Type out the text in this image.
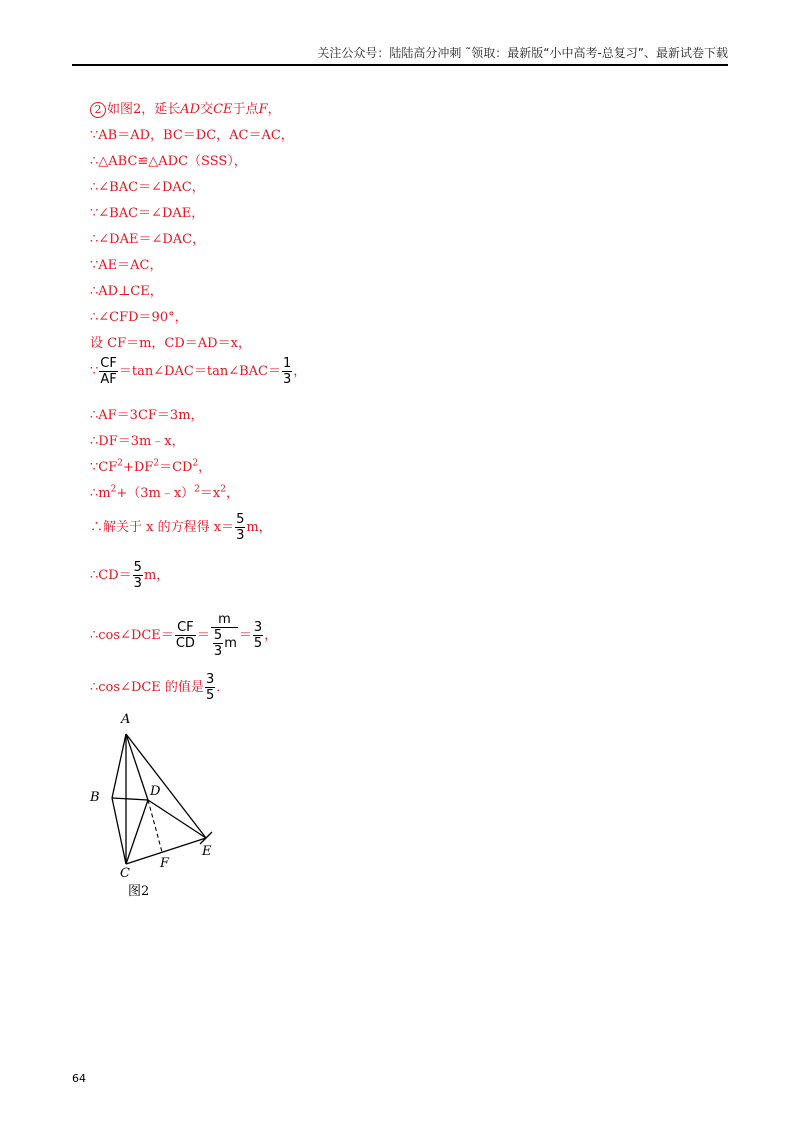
关注公众号：陆陆高分冲刺 ˜领取：最新版“小中高考-总复习”、最新试卷下载
2 如图2，延长AD交CE于点F，
∵AB＝AD，BC＝DC，AC＝AC，
∴△ABC≌△ADC（SSS），
∴∠BAC＝∠DAC，
∵∠BAC＝∠DAE，
∴∠DAE＝∠DAC，
∵AE＝AC，
∴AD⊥CE，
∴∠CFD＝90°，
设 CF＝m，CD＝AD＝x，
∵ $\frac{CF}{AF}$ ＝tan∠DAC＝tan∠BAC＝ $\frac{1}{3}$ ，
∴AF＝3CF＝3m，
∴DF＝3m﹣x，
$\because CF^2+DF^2=CD^2$，
$\therefore m^2+(3m﹣x)^2=x^2$，
∴解关于 x 的方程得 $x= \frac{5}{3}$ m，
∴CD＝ $\frac{5}{3}$ m，
∴cos∠DCE＝ $\frac{CF}{CD} = \frac{m}{\frac{5}{3} m} = \frac{3}{5}$ ，
∴cos∠DCE 的值是 $\frac{3}{5}$ ．
A
B	D
C
F
E
图2
64
